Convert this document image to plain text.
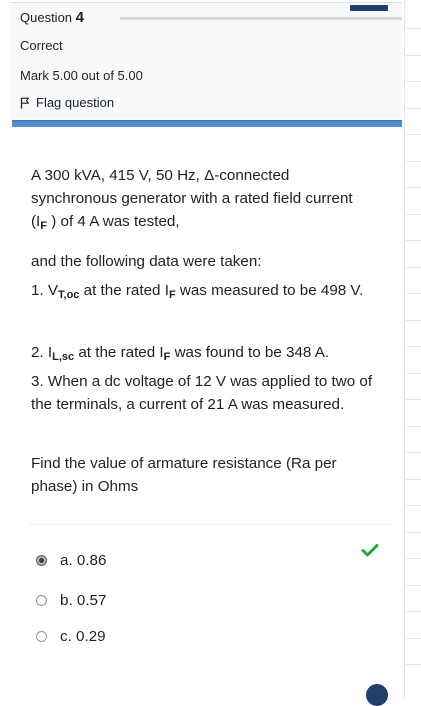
Question 4
Correct
Mark 5.00 out of 5.00
Flag question

A 300 kVA, 415 V, 50 Hz, Δ-connected synchronous generator with a rated field current ($I_F$ ) of 4 A was tested,

and the following data were taken:

1. $V_{T,oc}$ at the rated $I_F$ was measured to be 498 V.

2. $I_{L,sc}$ at the rated $I_F$ was found to be 348 A.

3. When a dc voltage of 12 V was applied to two of the terminals, a current of 21 A was measured.

Find the value of armature resistance (Ra per phase) in Ohms

a. 0.86
b. 0.57
c. 0.29
